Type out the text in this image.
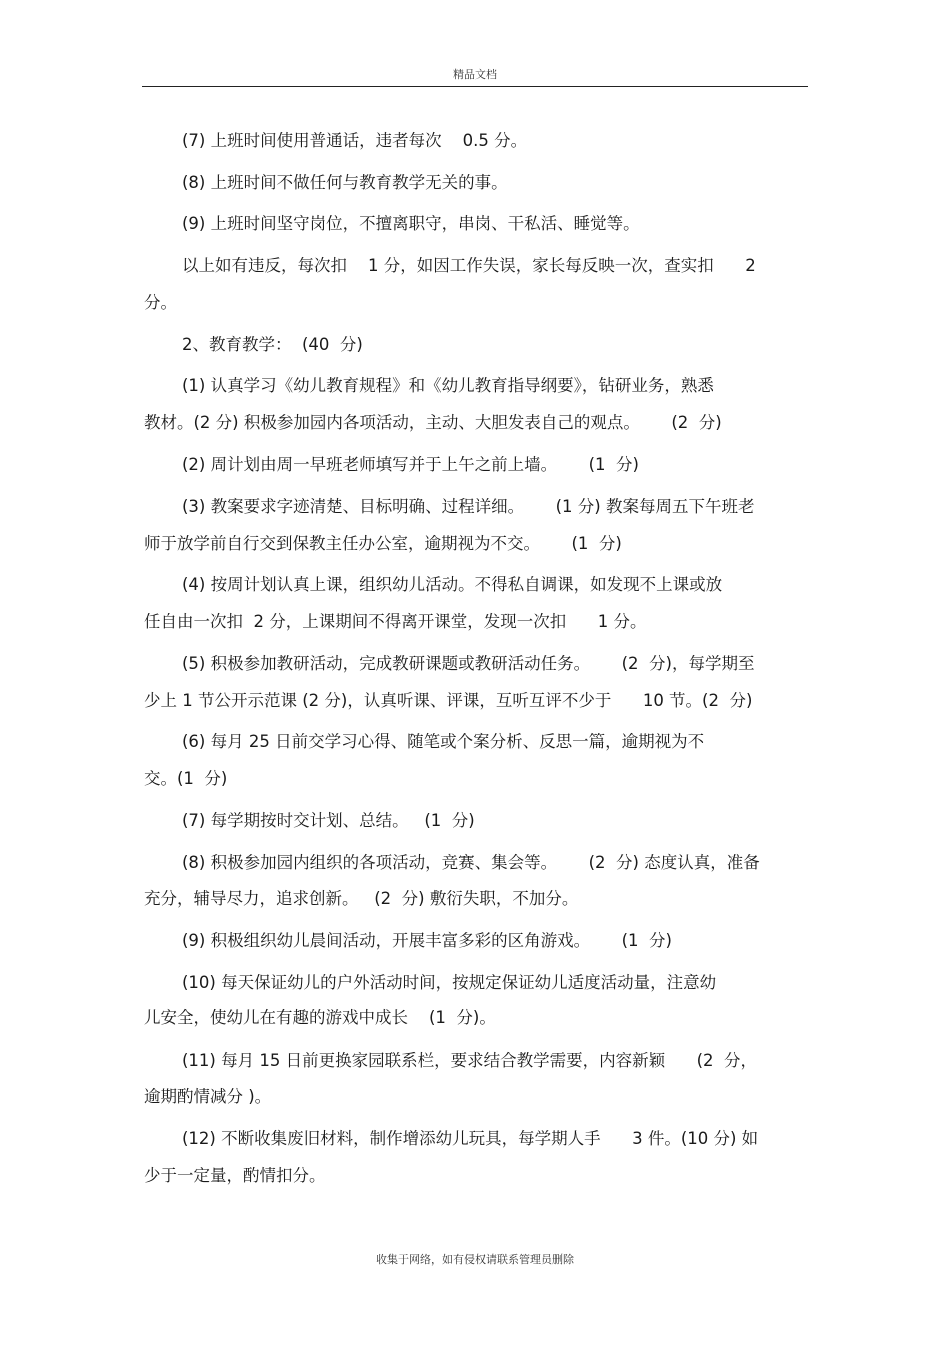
精品文档
(7) 上班时间使用普通话，违者每次    0.5 分。
(8) 上班时间不做任何与教育教学无关的事。
(9) 上班时间坚守岗位，不擅离职守，串岗、干私活、睡觉等。
以上如有违反，每次扣    1 分，如因工作失误，家长每反映一次，查实扣      2
分。
2、教育教学：  (40  分)
(1) 认真学习《幼儿教育规程》和《幼儿教育指导纲要》，钻研业务，熟悉
教材。(2 分) 积极参加园内各项活动，主动、大胆发表自己的观点。      (2  分)
(2) 周计划由周一早班老师填写并于上午之前上墙。      (1  分)
(3) 教案要求字迹清楚、目标明确、过程详细。      (1 分) 教案每周五下午班老
师于放学前自行交到保教主任办公室，逾期视为不交。      (1  分)
(4) 按周计划认真上课，组织幼儿活动。不得私自调课，如发现不上课或放
任自由一次扣  2 分，上课期间不得离开课堂，发现一次扣      1 分。
(5) 积极参加教研活动，完成教研课题或教研活动任务。      (2  分)，每学期至
少上 1 节公开示范课 (2 分)，认真听课、评课，互听互评不少于      10 节。(2  分)
(6) 每月 25 日前交学习心得、随笔或个案分析、反思一篇，逾期视为不
交。(1  分)
(7) 每学期按时交计划、总结。   (1  分)
(8) 积极参加园内组织的各项活动，竞赛、集会等。      (2  分) 态度认真，准备
充分，辅导尽力，追求创新。   (2  分) 敷衍失职，不加分。
(9) 积极组织幼儿晨间活动，开展丰富多彩的区角游戏。      (1  分)
(10) 每天保证幼儿的户外活动时间，按规定保证幼儿适度活动量，注意幼
儿安全，使幼儿在有趣的游戏中成长    (1  分)。
(11) 每月 15 日前更换家园联系栏，要求结合教学需要，内容新颖      (2  分，
逾期酌情减分 )。
(12) 不断收集废旧材料，制作增添幼儿玩具，每学期人手      3 件。(10 分) 如
少于一定量，酌情扣分。
收集于网络，如有侵权请联系管理员删除
